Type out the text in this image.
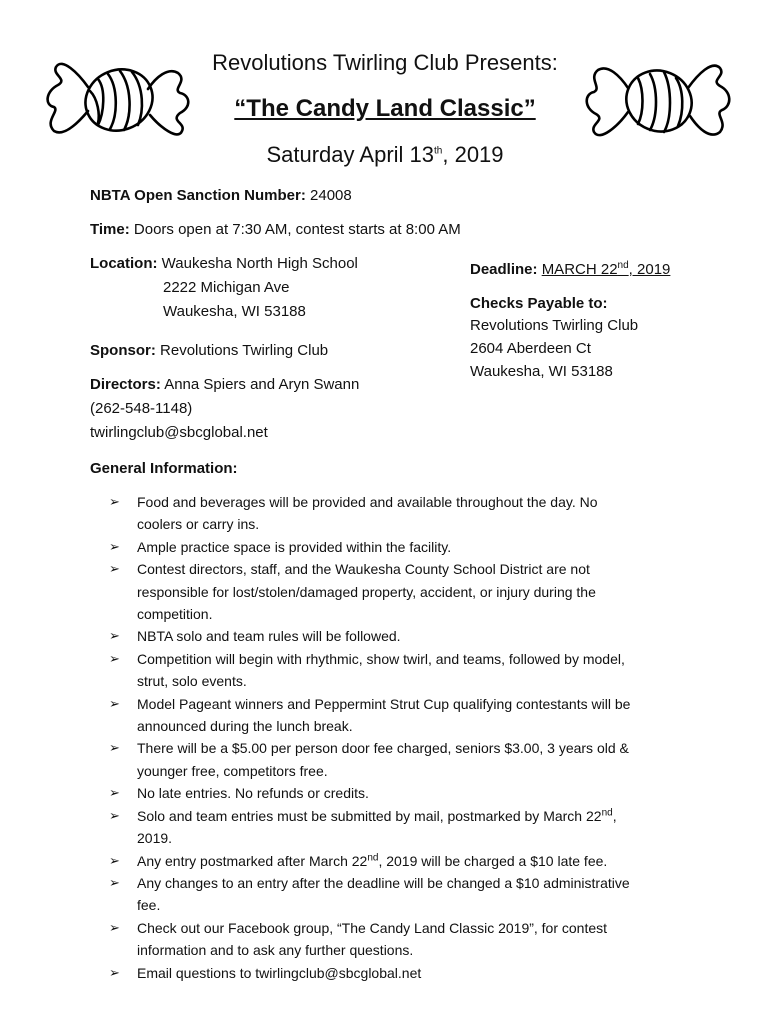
Revolutions Twirling Club Presents:
“The Candy Land Classic”
Saturday April 13th, 2019
NBTA Open Sanction Number: 24008
Time: Doors open at 7:30 AM, contest starts at 8:00 AM
Location: Waukesha North High School
2222 Michigan Ave
Waukesha, WI 53188
Sponsor: Revolutions Twirling Club
Directors: Anna Spiers and Aryn Swann
(262-548-1148)
twirlingclub@sbcglobal.net
Deadline: MARCH 22nd, 2019
Checks Payable to:
Revolutions Twirling Club
2604 Aberdeen Ct
Waukesha, WI 53188
General Information:
➢ Food and beverages will be provided and available throughout the day. No
coolers or carry ins.
➢ Ample practice space is provided within the facility.
➢ Contest directors, staff, and the Waukesha County School District are not
responsible for lost/stolen/damaged property, accident, or injury during the
competition.
➢ NBTA solo and team rules will be followed.
➢ Competition will begin with rhythmic, show twirl, and teams, followed by model,
strut, solo events.
➢ Model Pageant winners and Peppermint Strut Cup qualifying contestants will be
announced during the lunch break.
➢ There will be a $5.00 per person door fee charged, seniors $3.00, 3 years old &
younger free, competitors free.
➢ No late entries. No refunds or credits.
➢ Solo and team entries must be submitted by mail, postmarked by March 22nd,
2019.
➢ Any entry postmarked after March 22nd, 2019 will be charged a $10 late fee.
➢ Any changes to an entry after the deadline will be changed a $10 administrative
fee.
➢ Check out our Facebook group, “The Candy Land Classic 2019”, for contest
information and to ask any further questions.
➢ Email questions to twirlingclub@sbcglobal.net
